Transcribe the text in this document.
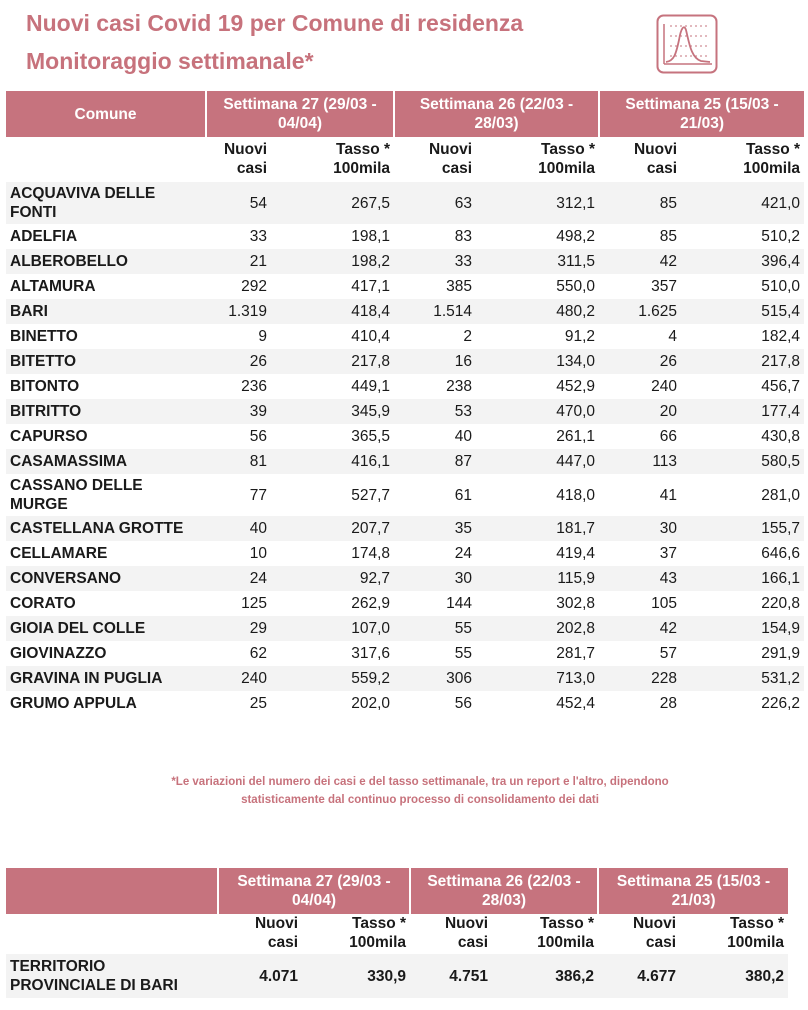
Nuovi casi Covid 19 per Comune di residenza
Monitoraggio settimanale*
Comune	Settimana 27 (29/03 - 04/04)		Settimana 26 (22/03 - 28/03)		Settimana 25 (15/03 - 21/03)	
	Nuovi casi	Tasso * 100mila	Nuovi casi	Tasso * 100mila	Nuovi casi	Tasso * 100mila
ACQUAVIVA DELLE FONTI	54	267,5	63	312,1	85	421,0
ADELFIA	33	198,1	83	498,2	85	510,2
ALBEROBELLO	21	198,2	33	311,5	42	396,4
ALTAMURA	292	417,1	385	550,0	357	510,0
BARI	1.319	418,4	1.514	480,2	1.625	515,4
BINETTO	9	410,4	2	91,2	4	182,4
BITETTO	26	217,8	16	134,0	26	217,8
BITONTO	236	449,1	238	452,9	240	456,7
BITRITTO	39	345,9	53	470,0	20	177,4
CAPURSO	56	365,5	40	261,1	66	430,8
CASAMASSIMA	81	416,1	87	447,0	113	580,5
CASSANO DELLE MURGE	77	527,7	61	418,0	41	281,0
CASTELLANA GROTTE	40	207,7	35	181,7	30	155,7
CELLAMARE	10	174,8	24	419,4	37	646,6
CONVERSANO	24	92,7	30	115,9	43	166,1
CORATO	125	262,9	144	302,8	105	220,8
GIOIA DEL COLLE	29	107,0	55	202,8	42	154,9
GIOVINAZZO	62	317,6	55	281,7	57	291,9
GRAVINA IN PUGLIA	240	559,2	306	713,0	228	531,2
GRUMO APPULA	25	202,0	56	452,4	28	226,2
*Le variazioni del numero dei casi e del tasso settimanale, tra un report e l'altro, dipendono statisticamente dal continuo processo di consolidamento dei dati
	Settimana 27 (29/03 - 04/04)		Settimana 26 (22/03 - 28/03)		Settimana 25 (15/03 - 21/03)	
	Nuovi casi	Tasso * 100mila	Nuovi casi	Tasso * 100mila	Nuovi casi	Tasso * 100mila
TERRITORIO PROVINCIALE DI BARI	4.071	330,9	4.751	386,2	4.677	380,2
